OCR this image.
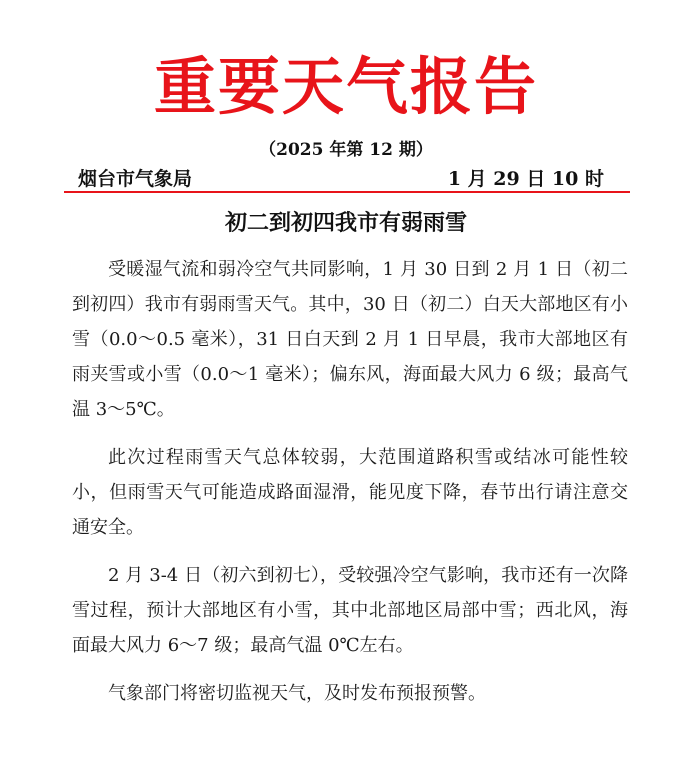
重要天气报告
（2025 年第 12 期）
烟台市气象局	1 月 29 日 10 时
初二到初四我市有弱雨雪

受暖湿气流和弱冷空气共同影响，1 月 30 日到 2 月 1 日（初二到初四）我市有弱雨雪天气。其中，30 日（初二）白天大部地区有小雪（0.0～0.5 毫米），31 日白天到 2 月 1 日早晨，我市大部地区有雨夹雪或小雪（0.0～1 毫米）；偏东风，海面最大风力 6 级；最高气温 3～5℃。

此次过程雨雪天气总体较弱，大范围道路积雪或结冰可能性较小，但雨雪天气可能造成路面湿滑，能见度下降，春节出行请注意交通安全。

2 月 3-4 日（初六到初七），受较强冷空气影响，我市还有一次降雪过程，预计大部地区有小雪，其中北部地区局部中雪；西北风，海面最大风力 6～7 级；最高气温 0℃左右。

气象部门将密切监视天气，及时发布预报预警。
